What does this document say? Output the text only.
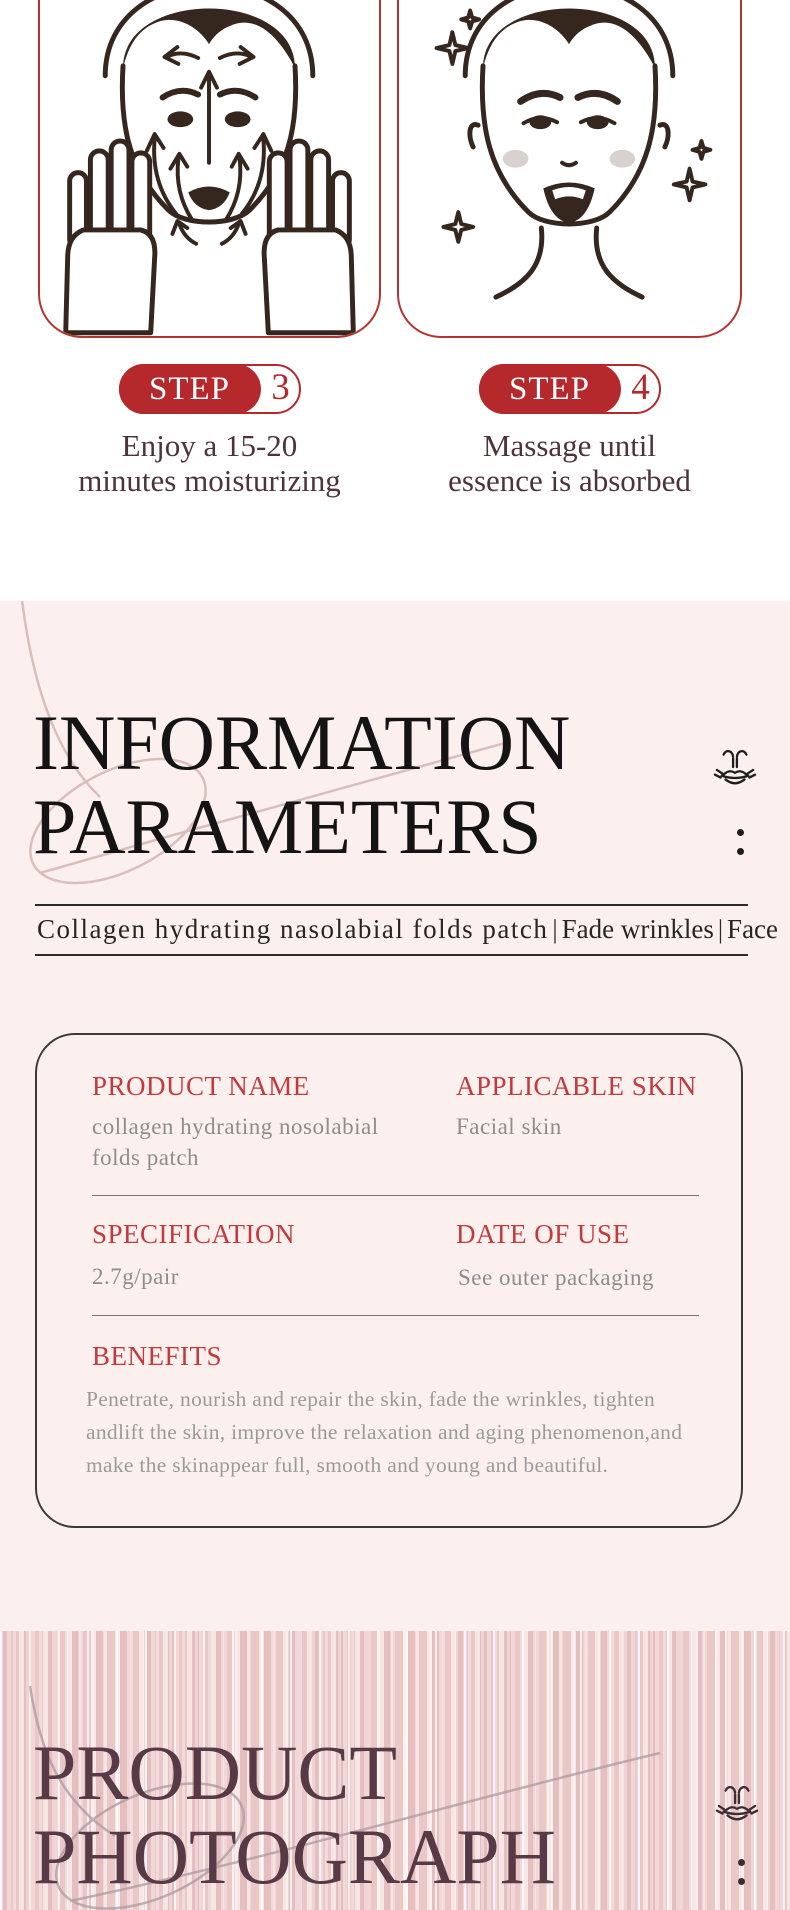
STEP	3
Enjoy a 15-20
minutes moisturizing
STEP	4
Massage until
essence is absorbed
INFORMATION
PARAMETERS
Collagen hydrating nasolabial folds patch | Fade wrinkles | Face
PRODUCT NAME
collagen hydrating nosolabial folds patch
APPLICABLE SKIN
Facial skin
SPECIFICATION
2.7g/pair
DATE OF USE
See outer packaging
BENEFITS
Penetrate, nourish and repair the skin, fade the wrinkles, tighten andlift the skin, improve the relaxation and aging phenomenon,and make the skinappear full, smooth and young and beautiful.
PRODUCT
PHOTOGRAPH
